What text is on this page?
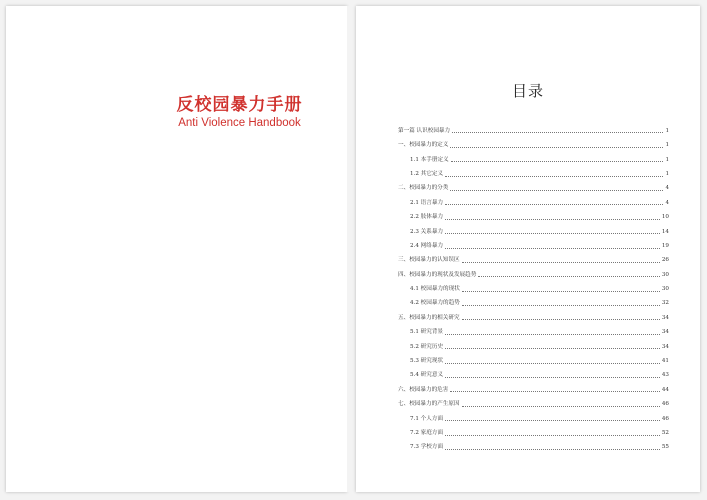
反校园暴力手册
Anti Violence Handbook
目录
第一篇 认识校园暴力	1
一、校园暴力的定义	1
1.1 本手册定义	1
1.2 其它定义	1
二、校园暴力的分类	4
2.1 语言暴力	4
2.2 肢体暴力	10
2.3 关系暴力	14
2.4 网络暴力	19
三、校园暴力的认知误区	26
四、校园暴力的现状及发展趋势	30
4.1 校园暴力的现状	30
4.2 校园暴力的趋势	32
五、校园暴力的相关研究	34
5.1 研究背景	34
5.2 研究历史	34
5.3 研究现状	41
5.4 研究意义	43
六、校园暴力的危害	44
七、校园暴力的产生原因	46
7.1 个人方面	46
7.2 家庭方面	52
7.3 学校方面	55
